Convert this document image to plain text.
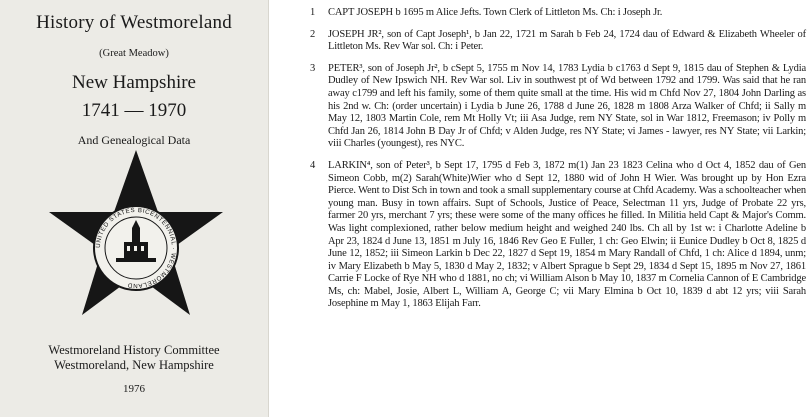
History of Westmoreland
(Great Meadow)
New Hampshire
1741 — 1970
And Genealogical Data
UNITED STATES BICENTENNIAL · WESTMORELAND
Westmoreland History Committee
Westmoreland, New Hampshire
1976
1 CAPT JOSEPH b 1695 m Alice Jefts. Town Clerk of Littleton Ms. Ch: i Joseph Jr.
2 JOSEPH JR², son of Capt Joseph¹, b Jan 22, 1721 m Sarah b Feb 24, 1724 dau of Edward & Elizabeth Wheeler of Littleton Ms. Rev War sol. Ch: i Peter.
3 PETER³, son of Joseph Jr², b cSept 5, 1755 m Nov 14, 1783 Lydia b c1763 d Sept 9, 1815 dau of Stephen & Lydia Dudley of New Ipswich NH. Rev War sol. Liv in southwest pt of Wd between 1792 and 1799. Was said that he ran away c1799 and left his family, some of them quite small at the time. His wid m Chfd Nov 27, 1804 John Darling as his 2nd w. Ch: (order uncertain) i Lydia b June 26, 1788 d June 26, 1828 m 1808 Arza Walker of Chfd; ii Sally m May 12, 1803 Martin Cole, rem Mt Holly Vt; iii Asa Judge, rem NY State, sol in War 1812, Freemason; iv Polly m Chfd Jan 26, 1814 John B Day Jr of Chfd; v Alden Judge, res NY State; vi James - lawyer, res NY State; vii Larkin; viii Charles (youngest), res NYC.
4 LARKIN⁴, son of Peter³, b Sept 17, 1795 d Feb 3, 1872 m(1) Jan 23 1823 Celina who d Oct 4, 1852 dau of Gen Simeon Cobb, m(2) Sarah(White)Wier who d Sept 12, 1880 wid of John H Wier. Was brought up by Hon Ezra Pierce. Went to Dist Sch in town and took a small supplementary course at Chfd Academy. Was a schoolteacher when young man. Busy in town affairs. Supt of Schools, Justice of Peace, Selectman 11 yrs, Judge of Probate 22 yrs, farmer 20 yrs, merchant 7 yrs; these were some of the many offices he filled. In Militia held Capt & Major's Comm. Was light complexioned, rather below medium height and weighed 240 lbs. Ch all by 1st w: i Charlotte Adeline b Apr 23, 1824 d June 13, 1851 m July 16, 1846 Rev Geo E Fuller, 1 ch: Geo Elwin; ii Eunice Dudley b Oct 8, 1825 d June 12, 1852; iii Simeon Larkin b Dec 22, 1827 d Sept 19, 1854 m Mary Randall of Chfd, 1 ch: Alice d 1894, unm; iv Mary Elizabeth b May 5, 1830 d May 2, 1832; v Albert Sprague b Sept 29, 1834 d Sept 15, 1895 m Nov 27, 1861 Carrie F Locke of Rye NH who d 1881, no ch; vi William Alson b May 10, 1837 m Cornelia Cannon of E Cambridge Ms, ch: Mabel, Josie, Albert L, William A, George C; vii Mary Elmina b Oct 10, 1839 d abt 12 yrs; viii Sarah Josephine m May 1, 1863 Elijah Farr.
